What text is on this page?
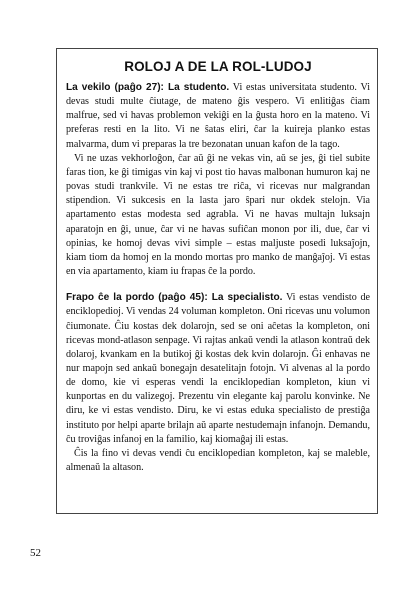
ROLOJ A DE LA ROL-LUDOJ

La vekilo (paĝo 27): La studento. Vi estas universitata studento. Vi devas studi multe ĉiutage, de mateno ĝis vespero. Vi enlitiĝas ĉiam malfrue, sed vi havas problemon vekiĝi en la ĝusta horo en la mateno. Vi preferas resti en la lito. Vi ne ŝatas eliri, ĉar la kuireja planko estas malvarma, dum vi preparas la tre bezonatan unuan kafon de la tago.

Vi ne uzas vekhorloĝon, ĉar aŭ ĝi ne vekas vin, aŭ se jes, ĝi tiel subite faras tion, ke ĝi timigas vin kaj vi post tio havas malbonan humuron kaj ne povas studi trankvile. Vi ne estas tre riĉa, vi ricevas nur malgrandan stipendion. Vi sukcesis en la lasta jaro ŝpari nur okdek stelojn. Via apartamento estas modesta sed agrabla. Vi ne havas multajn luksajn aparatojn en ĝi, unue, ĉar vi ne havas sufiĉan monon por ili, due, ĉar vi opinias, ke homoj devas vivi simple – estas maljuste posedi luksaĵojn, kiam tiom da homoj en la mondo mortas pro manko de manĝaĵoj. Vi estas en via apartamento, kiam iu frapas ĉe la pordo.

Frapo ĉe la pordo (paĝo 45): La specialisto. Vi estas vendisto de enciklopedioj. Vi vendas 24 voluman kompleton. Oni ricevas unu volumon ĉiumonate. Ĉiu kostas dek dolarojn, sed se oni aĉetas la kompleton, oni ricevas mond-atlason senpage. Vi rajtas ankaŭ vendi la atlason kontraŭ dek dolaroj, kvankam en la butikoj ĝi kostas dek kvin dolarojn. Ĝi enhavas ne nur mapojn sed ankaŭ bonegajn desatelitajn fotojn. Vi alvenas al la pordo de domo, kie vi esperas vendi la enciklopedian kompleton, kiun vi kunportas en du valizegoj. Prezentu vin elegante kaj parolu konvinke. Ne diru, ke vi estas vendisto. Diru, ke vi estas eduka specialisto de prestiĝa instituto por helpi aparte brilajn aŭ aparte nestudemajn infanojn. Demandu, ĉu troviĝas infanoj en la familio, kaj kiomaĝaj ili estas.

Ĉis la fino vi devas vendi ĉu enciklopedian kompleton, kaj se maleble, almenaŭ la altason.

52
